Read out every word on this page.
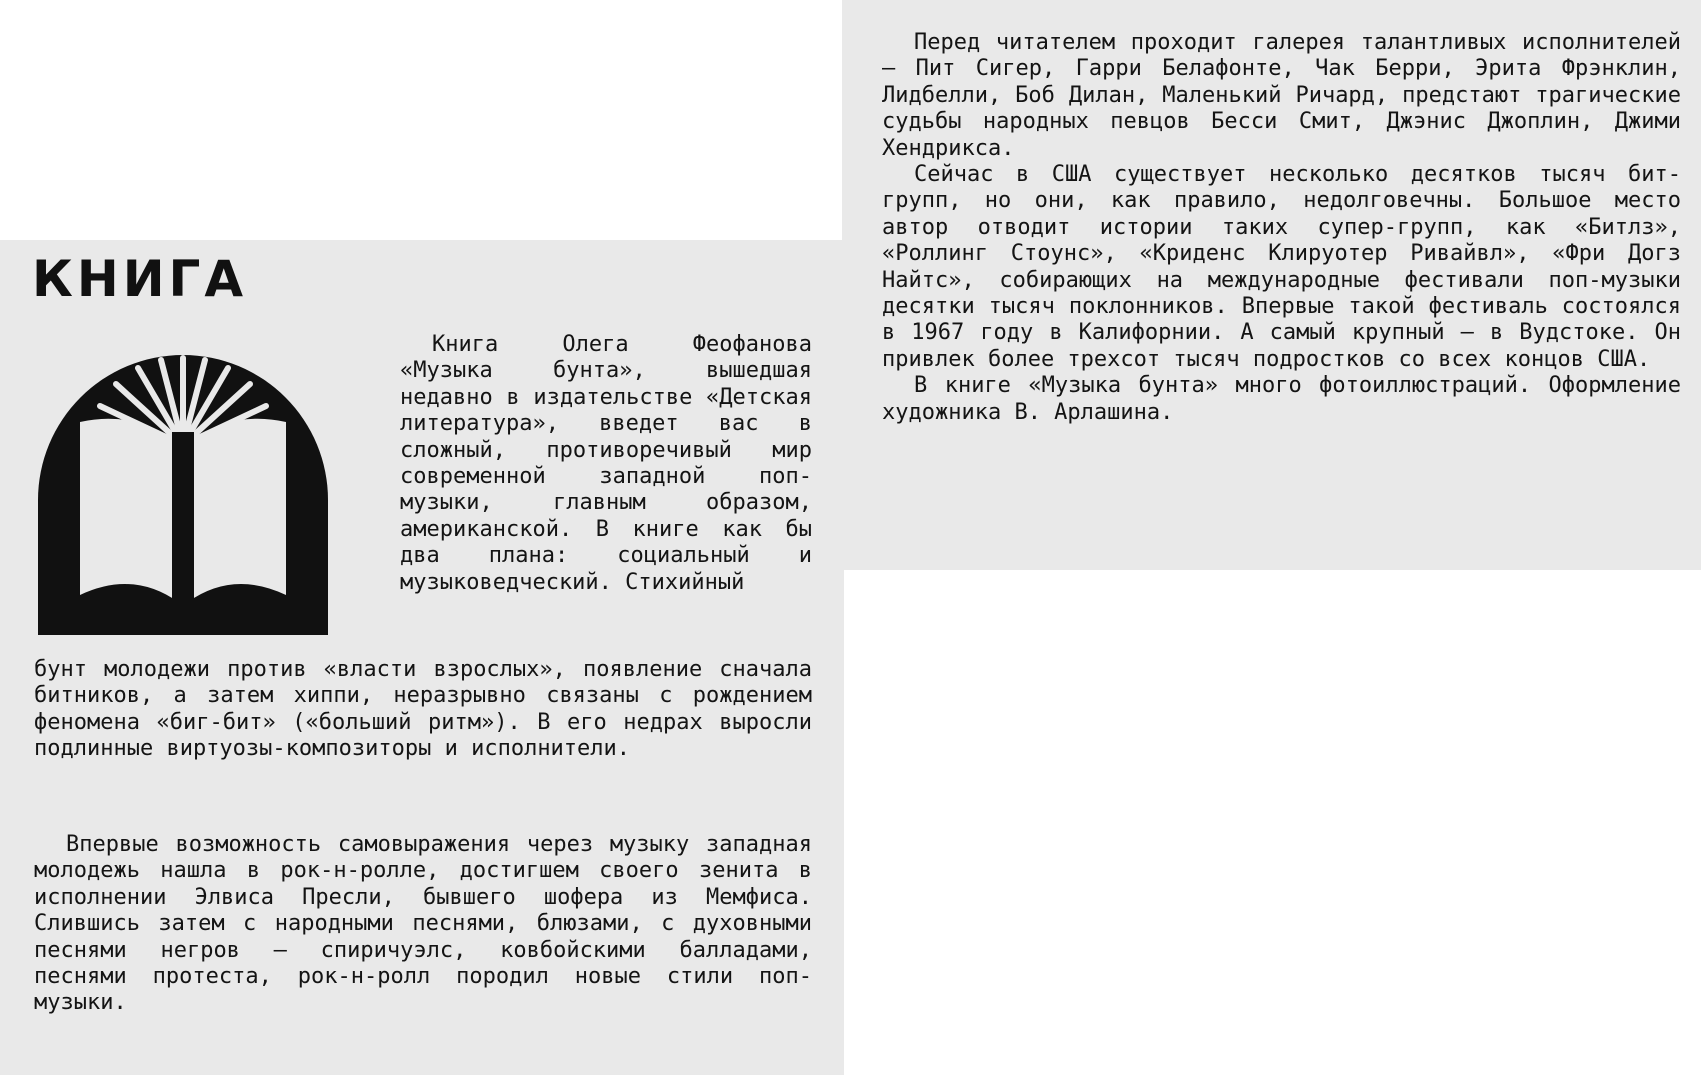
Перед читателем проходит галерея талантливых исполнителей — Пит Сигер, Гарри Белафонте, Чак Берри, Эрита Фрэнклин, Лидбелли, Боб Дилан, Маленький Ричард, предстают трагические судьбы народных певцов Бесси Смит, Джэнис Джоплин, Джими Хендрикса.

Сейчас в США существует несколько десятков тысяч бит-групп, но они, как правило, недолговечны. Большое место автор отводит истории таких супер-групп, как «Битлз», «Роллинг Стоунс», «Криденс Клируотер Ривайвл», «Фри Догз Найтс», собирающих на международные фестивали поп-музыки десятки тысяч поклонников. Впервые такой фестиваль состоялся в 1967 году в Калифорнии. А самый крупный — в Вудстоке. Он привлек более трехсот тысяч подростков со всех концов США.

В книге «Музыка бунта» много фотоиллюстраций. Оформление художника В. Арлашина.

КНИГА

Книга Олега Феофанова «Музыка бунта», вышедшая недавно в издательстве «Детская литература», введет вас в сложный, противоречивый мир современной западной поп-музыки, главным образом, американской. В книге как бы два плана: социальный и музыковедческий. Стихийный

бунт молодежи против «власти взрослых», появление сначала битников, а затем хиппи, неразрывно связаны с рождением феномена «биг-бит» («больший ритм»). В его недрах выросли подлинные виртуозы-композиторы и исполнители.

Впервые возможность самовыражения через музыку западная молодежь нашла в рок-н-ролле, достигшем своего зенита в исполнении Элвиса Пресли, бывшего шофера из Мемфиса. Слившись затем с народными песнями, блюзами, с духовными песнями негров — спиричуэлс, ковбойскими балладами, песнями протеста, рок-н-ролл породил новые стили поп-музыки.
